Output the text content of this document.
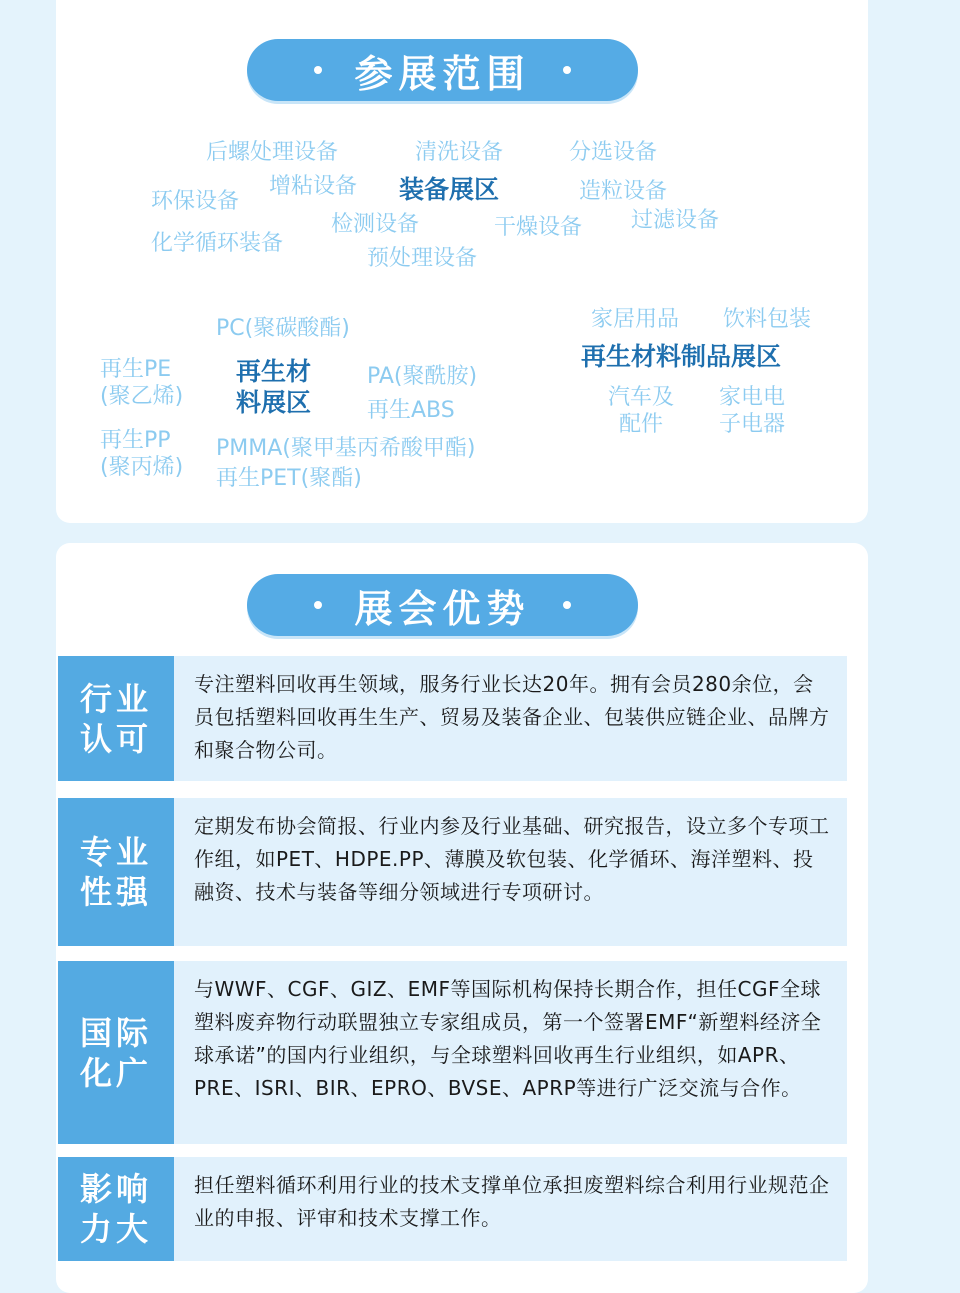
参展范围
后螺处理设备	清洗设备	分选设备
增粘设备 装备展区	造粒设备
环保设备
检测设备	干燥设备 过滤设备
化学循环装备
预处理设备
PC(聚碳酸酯)
再生PE
(聚乙烯)
再生材
料展区
PA(聚酰胺)
再生ABS
再生PP
(聚丙烯)
PMMA(聚甲基丙希酸甲酯)
再生PET(聚酯)
家居用品 饮料包装
再生材料制品展区
汽车及
配件
家电电
子电器
展会优势
行业
认可
专注塑料回收再生领域，服务行业长达20年。拥有会员280余位，会员包括塑料回收再生生产、贸易及装备企业、包装供应链企业、品牌方和聚合物公司。
专业
性强
定期发布协会简报、行业内参及行业基础、研究报告，设立多个专项工作组，如PET、HDPE.PP、薄膜及软包装、化学循环、海洋塑料、投融资、技术与装备等细分领域进行专项研讨。
国际
化广
与WWF、CGF、GIZ、EMF等国际机构保持长期合作，担任CGF全球塑料废弃物行动联盟独立专家组成员，第一个签署EMF“新塑料经济全球承诺”的国内行业组织，与全球塑料回收再生行业组织，如APR、PRE、ISRI、BIR、EPRO、BVSE、APRP等进行广泛交流与合作。
影响
力大
担任塑料循环利用行业的技术支撑单位承担废塑料综合利用行业规范企业的申报、评审和技术支撑工作。
